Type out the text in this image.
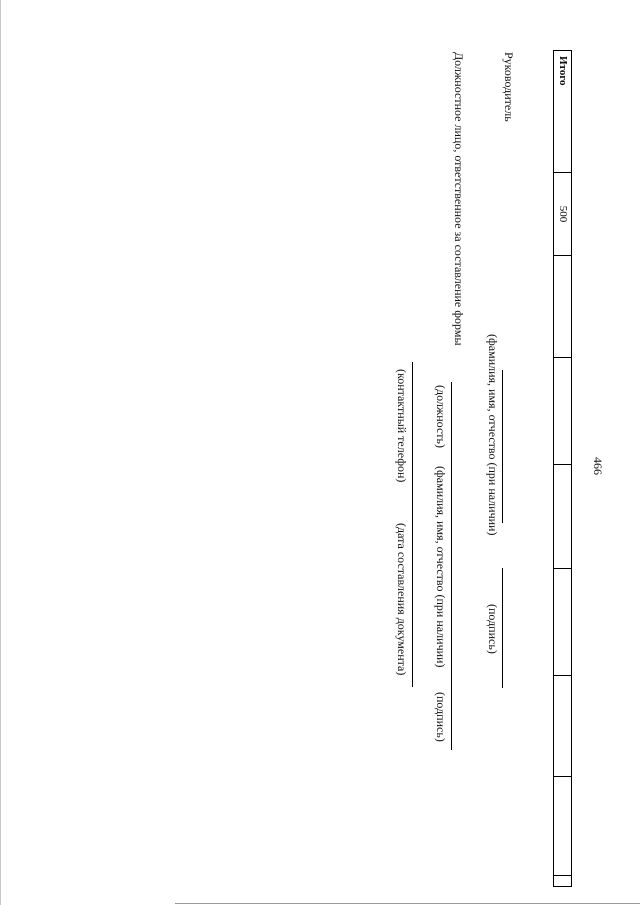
466
Итого	500							
Руководитель
(фамилия, имя, отчество (при наличии)
(подпись)
Должностное лицо, ответственное за составление формы
(должность)
(фамилия, имя, отчество (при наличии)
(подпись)
(контактный телефон)
(дата составления документа)
